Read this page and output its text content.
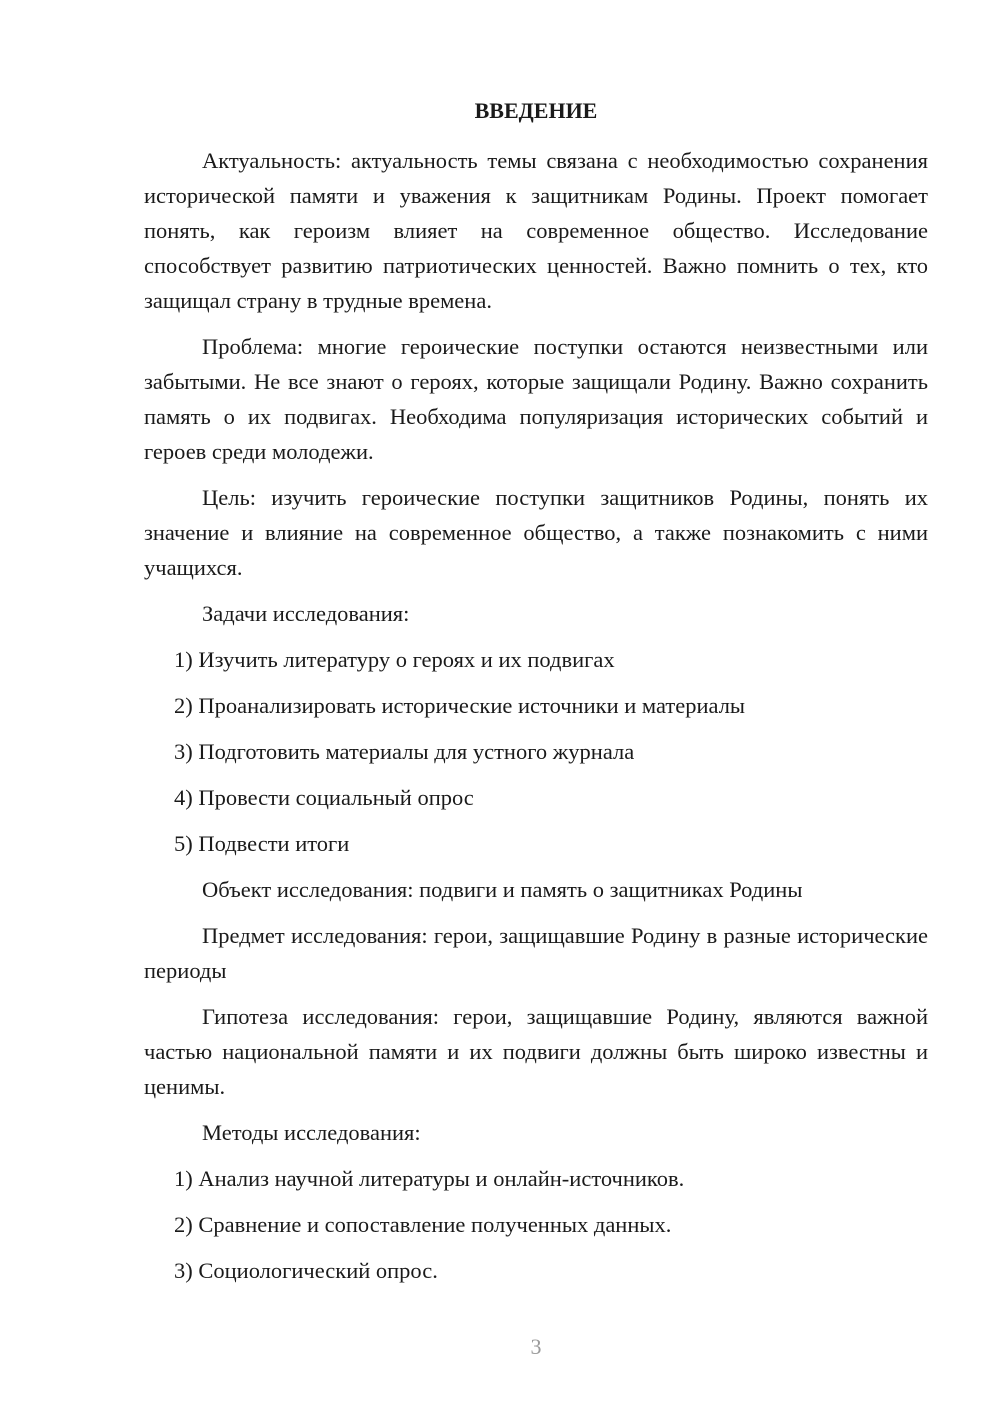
ВВЕДЕНИЕ

Актуальность: актуальность темы связана с необходимостью сохранения исторической памяти и уважения к защитникам Родины. Проект помогает понять, как героизм влияет на современное общество. Исследование способствует развитию патриотических ценностей. Важно помнить о тех, кто защищал страну в трудные времена.

Проблема: многие героические поступки остаются неизвестными или забытыми. Не все знают о героях, которые защищали Родину. Важно сохранить память о их подвигах. Необходима популяризация исторических событий и героев среди молодежи.

Цель: изучить героические поступки защитников Родины, понять их значение и влияние на современное общество, а также познакомить с ними учащихся.

Задачи исследования:

1) Изучить литературу о героях и их подвигах
2) Проанализировать исторические источники и материалы
3) Подготовить материалы для устного журнала
4) Провести социальный опрос
5) Подвести итоги

Объект исследования: подвиги и память о защитниках Родины

Предмет исследования: герои, защищавшие Родину в разные исторические периоды

Гипотеза исследования: герои, защищавшие Родину, являются важной частью национальной памяти и их подвиги должны быть широко известны и ценимы.

Методы исследования:

1) Анализ научной литературы и онлайн-источников.
2) Сравнение и сопоставление полученных данных.
3) Социологический опрос.
3
